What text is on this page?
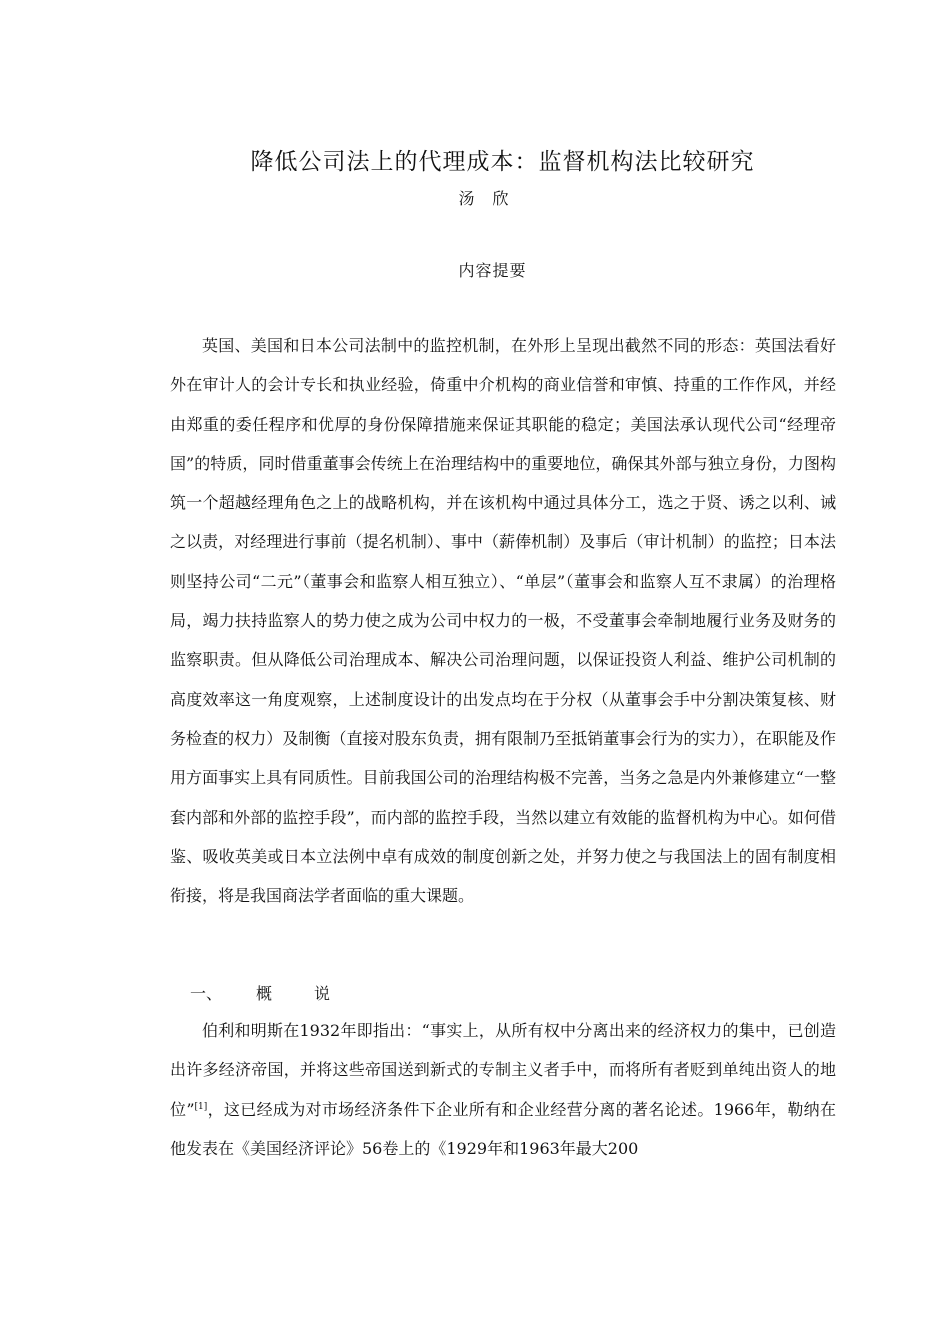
降低公司法上的代理成本：监督机构法比较研究
汤欣
内容提要
英国、美国和日本公司法制中的监控机制，在外形上呈现出截然不同的形态：英国法看好外在审计人的会计专长和执业经验，倚重中介机构的商业信誉和审慎、持重的工作作风，并经由郑重的委任程序和优厚的身份保障措施来保证其职能的稳定；美国法承认现代公司“经理帝国”的特质，同时借重董事会传统上在治理结构中的重要地位，确保其外部与独立身份，力图构筑一个超越经理角色之上的战略机构，并在该机构中通过具体分工，选之于贤、诱之以利、诫之以责，对经理进行事前（提名机制）、事中（薪俸机制）及事后（审计机制）的监控；日本法则坚持公司“二元”（董事会和监察人相互独立）、“单层”（董事会和监察人互不隶属）的治理格局，竭力扶持监察人的势力使之成为公司中权力的一极，不受董事会牵制地履行业务及财务的监察职责。但从降低公司治理成本、解决公司治理问题，以保证投资人利益、维护公司机制的高度效率这一角度观察，上述制度设计的出发点均在于分权（从董事会手中分割决策复核、财务检查的权力）及制衡（直接对股东负责，拥有限制乃至抵销董事会行为的实力），在职能及作用方面事实上具有同质性。目前我国公司的治理结构极不完善，当务之急是内外兼修建立“一整套内部和外部的监控手段”，而内部的监控手段，当然以建立有效能的监督机构为中心。如何借鉴、吸收英美或日本立法例中卓有成效的制度创新之处，并努力使之与我国法上的固有制度相衔接，将是我国商法学者面临的重大课题。
一、 概	说
伯利和明斯在1932年即指出：“事实上，从所有权中分离出来的经济权力的集中，已创造出许多经济帝国，并将这些帝国送到新式的专制主义者手中，而将所有者贬到单纯出资人的地位”[1]，这已经成为对市场经济条件下企业所有和企业经营分离的著名论述。1966年，勒纳在他发表在《美国经济评论》56卷上的《1929年和1963年最大200
